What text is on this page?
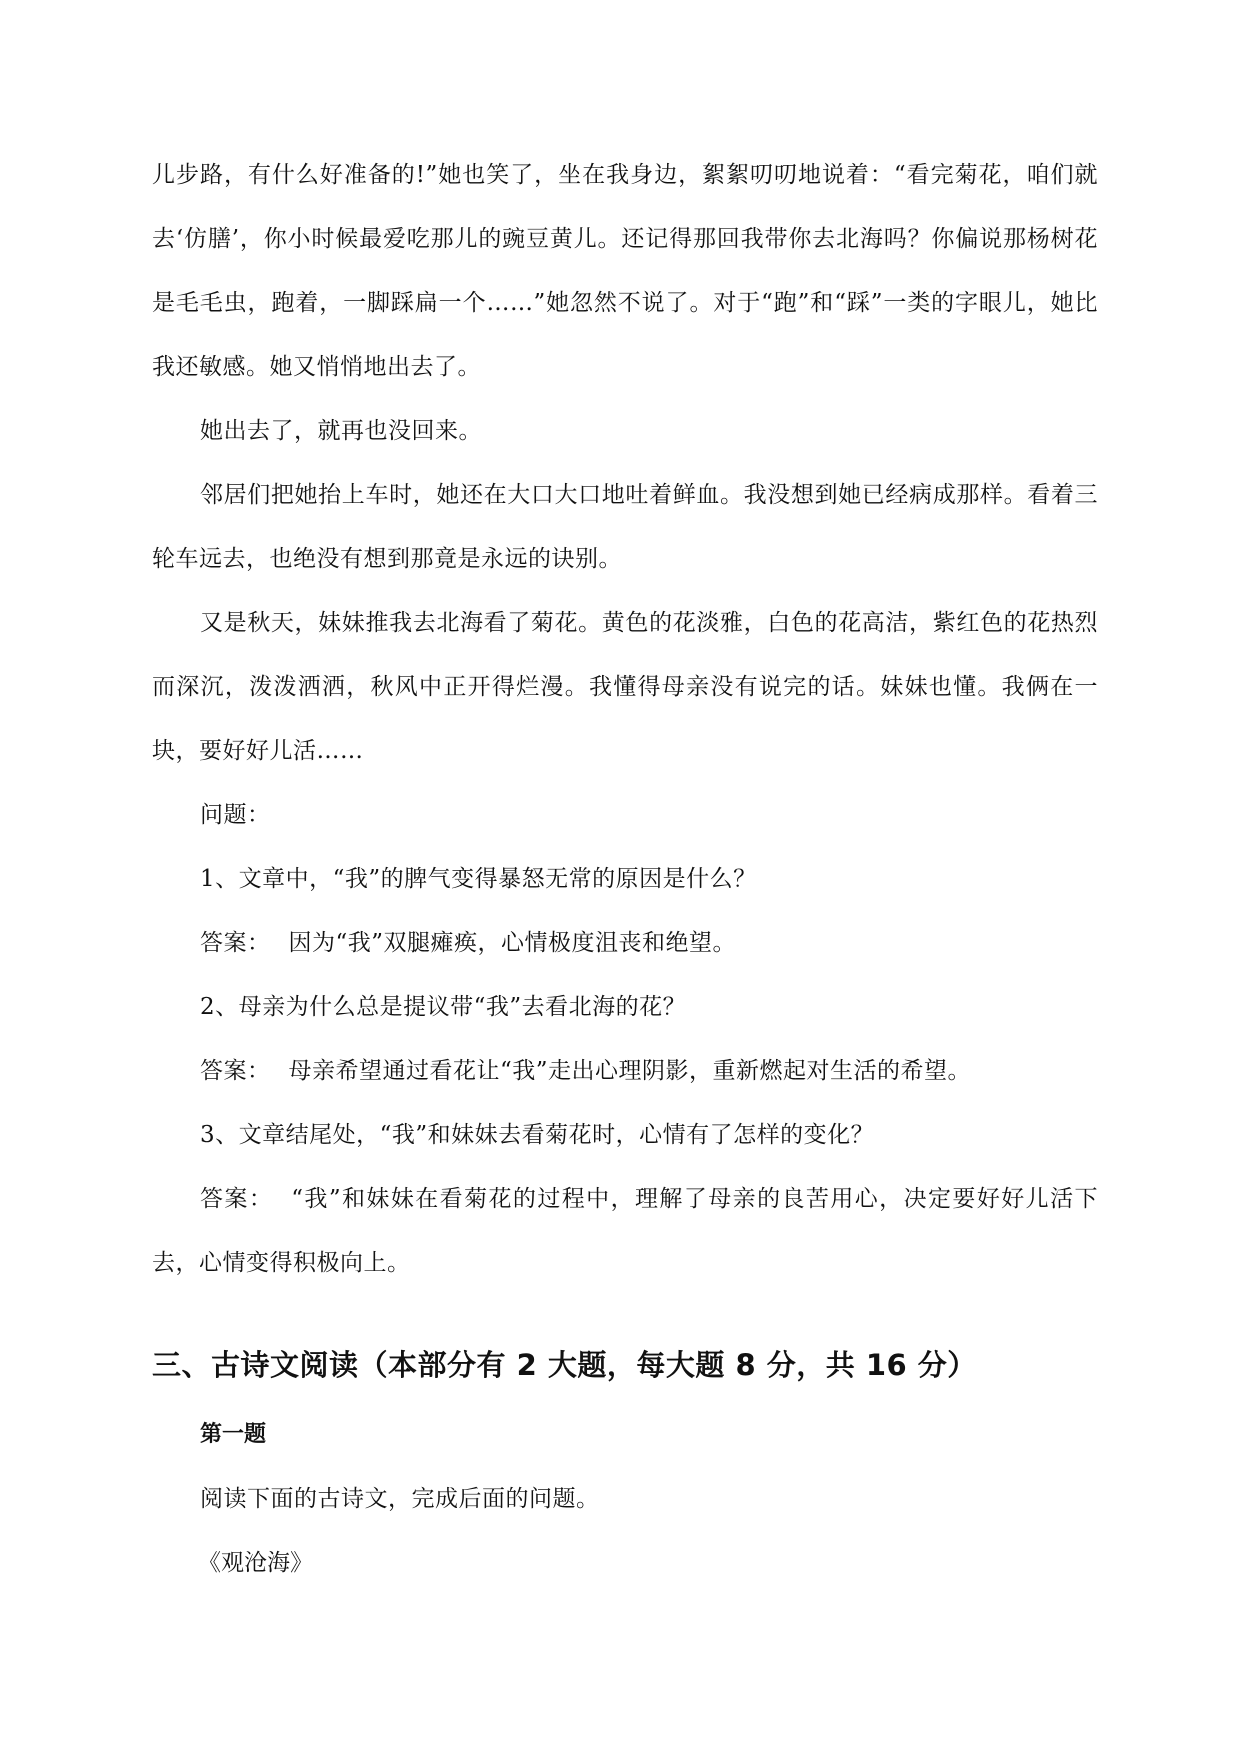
儿步路，有什么好准备的!”她也笑了，坐在我身边，絮絮叨叨地说着：“看完菊花，咱们就去‘仿膳’，你小时候最爱吃那儿的豌豆黄儿。还记得那回我带你去北海吗？你偏说那杨树花是毛毛虫，跑着，一脚踩扁一个……”她忽然不说了。对于“跑”和“踩”一类的字眼儿，她比我还敏感。她又悄悄地出去了。

她出去了，就再也没回来。

邻居们把她抬上车时，她还在大口大口地吐着鲜血。我没想到她已经病成那样。看着三轮车远去，也绝没有想到那竟是永远的诀别。

又是秋天，妹妹推我去北海看了菊花。黄色的花淡雅，白色的花高洁，紫红色的花热烈而深沉，泼泼洒洒，秋风中正开得烂漫。我懂得母亲没有说完的话。妹妹也懂。我俩在一块，要好好儿活……

问题：

1、文章中，“我”的脾气变得暴怒无常的原因是什么？

答案： 因为“我”双腿瘫痪，心情极度沮丧和绝望。

2、母亲为什么总是提议带“我”去看北海的花？

答案： 母亲希望通过看花让“我”走出心理阴影，重新燃起对生活的希望。

3、文章结尾处，“我”和妹妹去看菊花时，心情有了怎样的变化？

答案： “我”和妹妹在看菊花的过程中，理解了母亲的良苦用心，决定要好好儿活下去，心情变得积极向上。

三、古诗文阅读（本部分有 2 大题，每大题 8 分，共 16 分）
第一题

阅读下面的古诗文，完成后面的问题。

《观沧海》
